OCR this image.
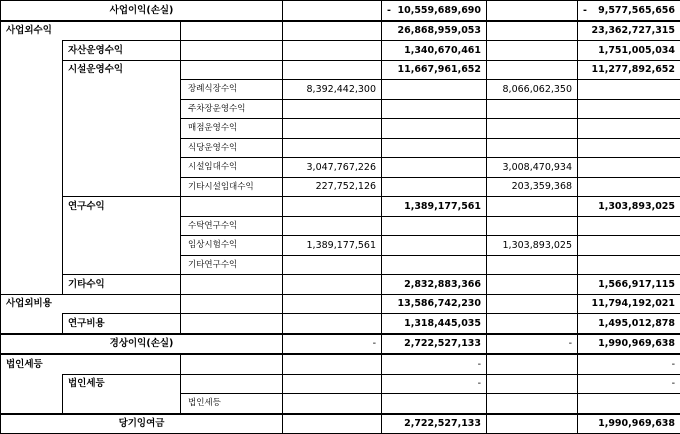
사업이익(손실)				- 10,559,689,690		- 9,577,565,656

사업외수익				26,868,959,053		23,362,727,315
	자산운영수익			1,340,670,461		1,751,005,034
	시설운영수익			11,667,961,652		11,277,892,652
		장례식장수익	8,392,442,300		8,066,062,350	
		주차장운영수익				
		매점운영수익				
		식당운영수익				
		시설임대수익	3,047,767,226		3,008,470,934	
		기타시설임대수익	227,752,126		203,359,368	
	연구수익			1,389,177,561		1,303,893,025
		수탁연구수익				
		임상시험수익	1,389,177,561		1,303,893,025	
		기타연구수익				
	기타수익			2,832,883,366		1,566,917,115
사업외비용				13,586,742,230		11,794,192,021
	연구비용			1,318,445,035		1,495,012,878
경상이익(손실)			-	2,722,527,133	-	1,990,969,638
법인세등				-		-
	법인세등			-		-
		법인세등				
당기잉여금				2,722,527,133		1,990,969,638
